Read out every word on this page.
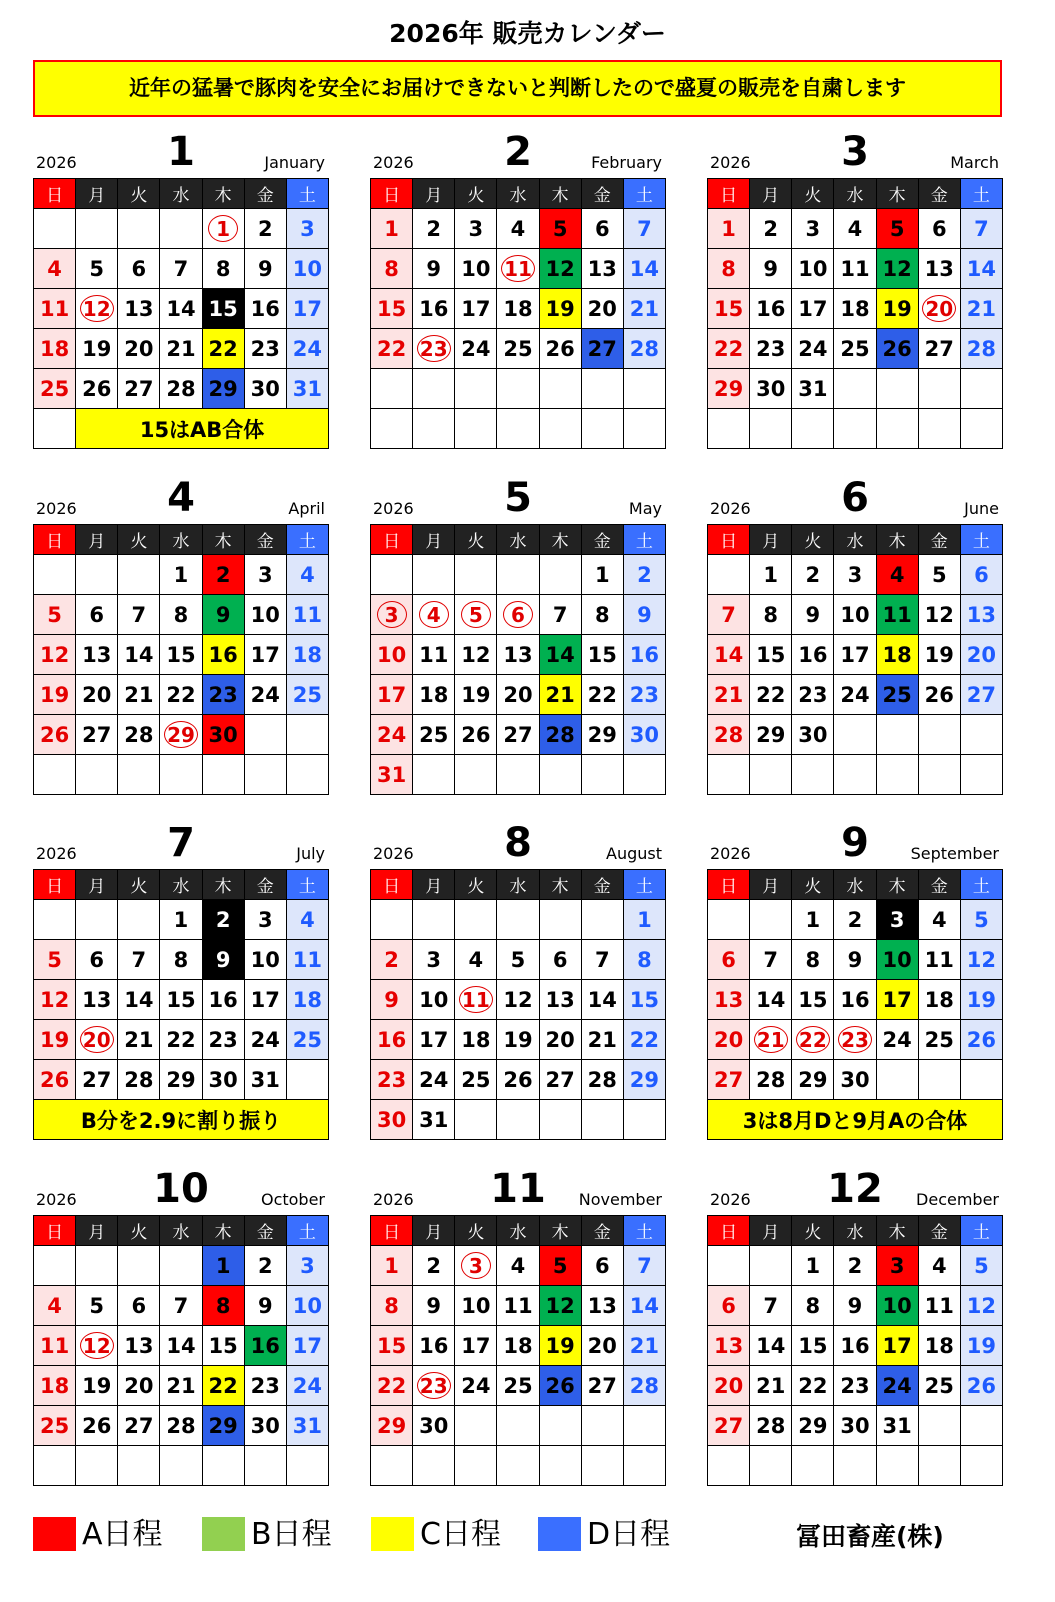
2026年 販売カレンダー
近年の猛暑で豚肉を安全にお届けできないと判断したので盛夏の販売を自粛します
2026	1	January
日	月	火	水	木	金	土
				1	2	3
4	5	6	7	8	9	10
11	12	13	14	15	16	17
18	19	20	21	22	23	24
25	26	27	28	29	30	31
	15はAB合体					
2026	2	February
日	月	火	水	木	金	土
1	2	3	4	5	6	7
8	9	10	11	12	13	14
15	16	17	18	19	20	21
22	23	24	25	26	27	28

2026	3	March
日	月	火	水	木	金	土
1	2	3	4	5	6	7
8	9	10	11	12	13	14
15	16	17	18	19	20	21
22	23	24	25	26	27	28
29	30	31				

2026	4	April
日	月	火	水	木	金	土
			1	2	3	4
5	6	7	8	9	10	11
12	13	14	15	16	17	18
19	20	21	22	23	24	25
26	27	28	29	30		

2026	5	May
日	月	火	水	木	金	土
					1	2
3	4	5	6	7	8	9
10	11	12	13	14	15	16
17	18	19	20	21	22	23
24	25	26	27	28	29	30
31						
2026	6	June
日	月	火	水	木	金	土
	1	2	3	4	5	6
7	8	9	10	11	12	13
14	15	16	17	18	19	20
21	22	23	24	25	26	27
28	29	30				

2026	7	July
日	月	火	水	木	金	土
			1	2	3	4
5	6	7	8	9	10	11
12	13	14	15	16	17	18
19	20	21	22	23	24	25
26	27	28	29	30	31	
B分を2.9に割り振り						
2026	8	August
日	月	火	水	木	金	土
						1
2	3	4	5	6	7	8
9	10	11	12	13	14	15
16	17	18	19	20	21	22
23	24	25	26	27	28	29
30	31					
2026	9	September
日	月	火	水	木	金	土
		1	2	3	4	5
6	7	8	9	10	11	12
13	14	15	16	17	18	19
20	21	22	23	24	25	26
27	28	29	30			
3は8月Dと9月Aの合体						
2026	10	October
日	月	火	水	木	金	土
				1	2	3
4	5	6	7	8	9	10
11	12	13	14	15	16	17
18	19	20	21	22	23	24
25	26	27	28	29	30	31

2026	11	November
日	月	火	水	木	金	土
1	2	3	4	5	6	7
8	9	10	11	12	13	14
15	16	17	18	19	20	21
22	23	24	25	26	27	28
29	30					

2026	12	December
日	月	火	水	木	金	土
		1	2	3	4	5
6	7	8	9	10	11	12
13	14	15	16	17	18	19
20	21	22	23	24	25	26
27	28	29	30	31		

A日程	B日程	C日程	D日程	冨田畜産(株)
